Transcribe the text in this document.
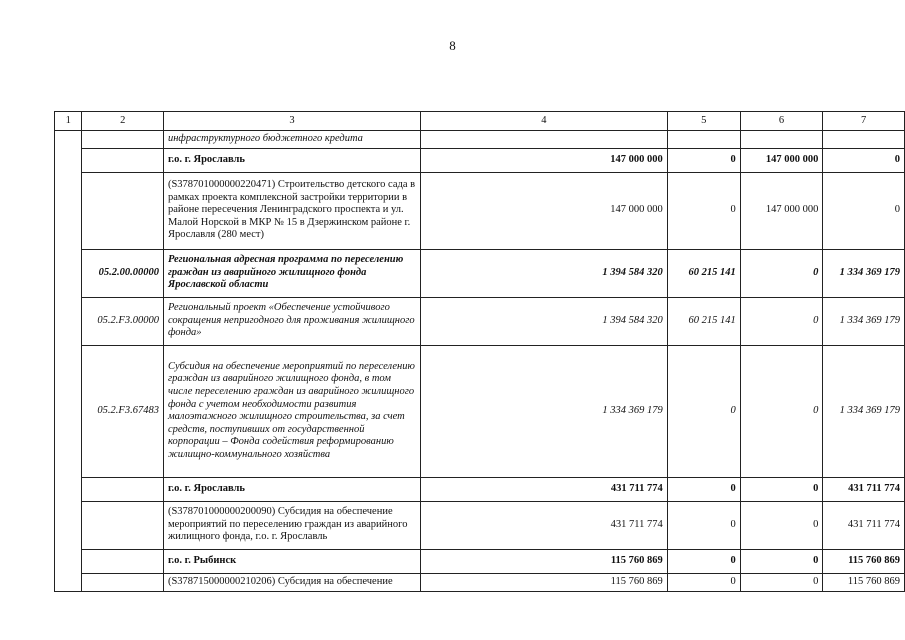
8
1	2	3	4	5	6	7
		инфраструктурного бюджетного кредита				
		г.о. г. Ярославль	147 000 000	0	147 000 000	0
		(S378701000000220471) Строительство детского сада в рамках проекта комплексной застройки территории в районе пересечения Ленинградского проспекта и ул. Малой Норской в МКР № 15 в Дзержинском районе г. Ярославля (280 мест)	147 000 000	0	147 000 000	0
	05.2.00.00000	Региональная адресная программа по переселению граждан из аварийного жилищного фонда Ярославской области	1 394 584 320	60 215 141	0	1 334 369 179
	05.2.F3.00000	Региональный проект «Обеспечение устойчивого сокращения непригодного для проживания жилищного фонда»	1 394 584 320	60 215 141	0	1 334 369 179
	05.2.F3.67483	Субсидия на обеспечение мероприятий по переселению граждан из аварийного жилищного фонда, в том числе переселению граждан из аварийного жилищного фонда с учетом необходимости развития малоэтажного жилищного строительства, за счет средств, поступивших от государственной корпорации – Фонда содействия реформированию жилищно-коммунального хозяйства	1 334 369 179	0	0	1 334 369 179
		г.о. г. Ярославль	431 711 774	0	0	431 711 774
		(S378701000000200090) Субсидия на обеспечение мероприятий по переселению граждан из аварийного жилищного фонда, г.о. г. Ярославль	431 711 774	0	0	431 711 774
		г.о. г. Рыбинск	115 760 869	0	0	115 760 869
		(S378715000000210206) Субсидия на обеспечение	115 760 869	0	0	115 760 869
